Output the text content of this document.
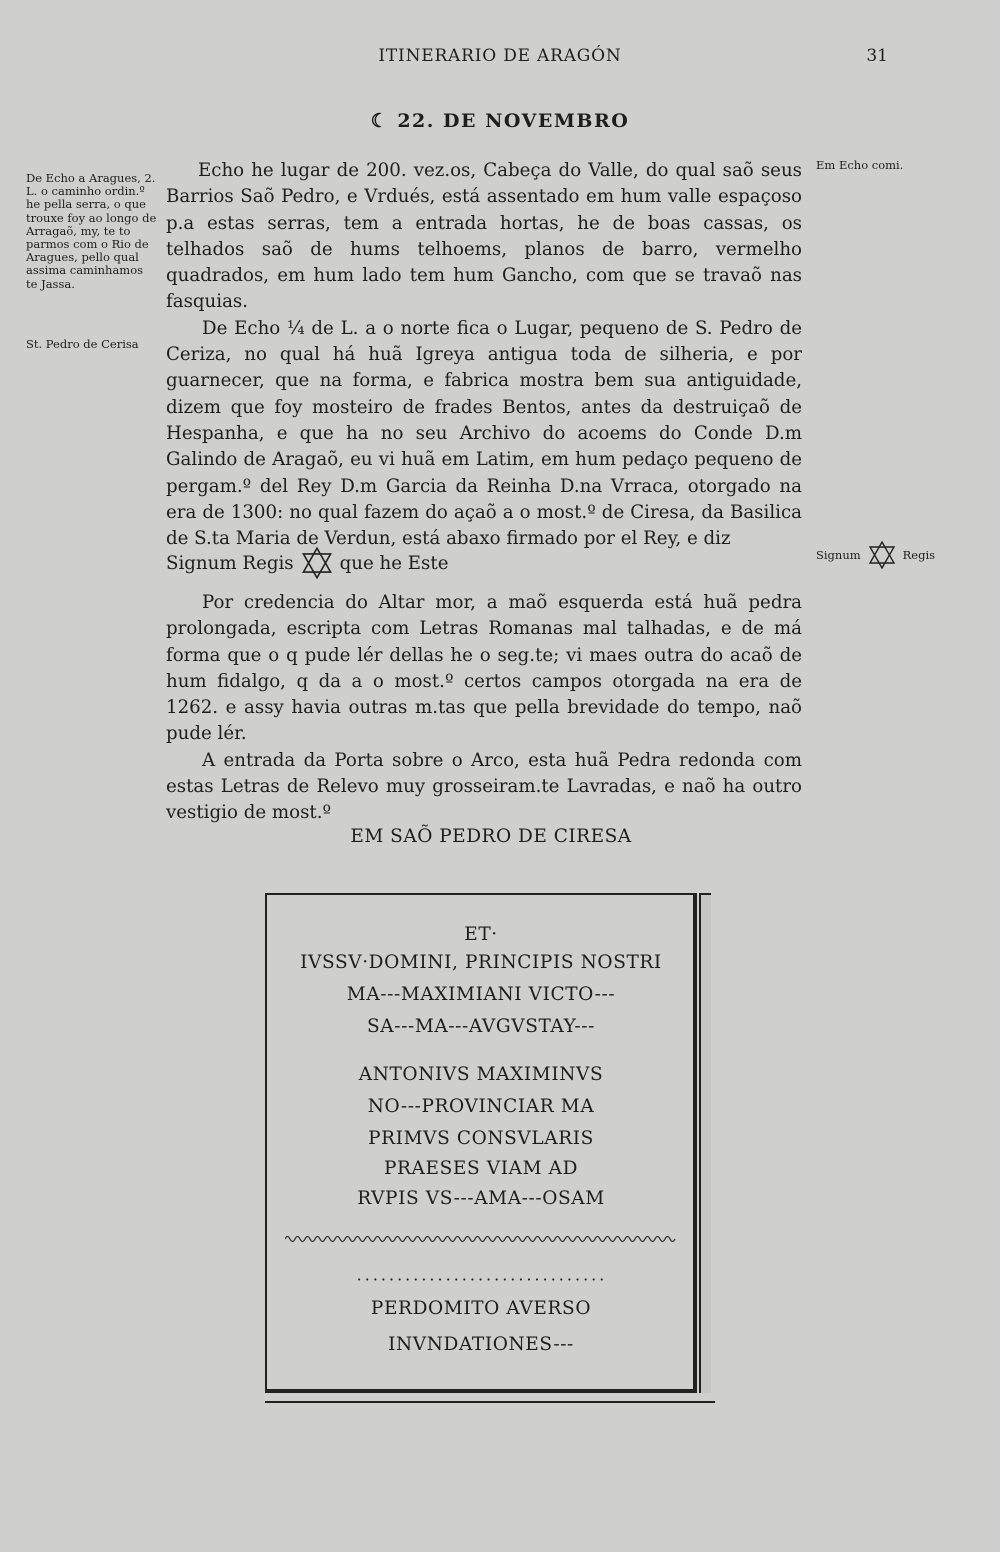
ITINERARIO DE ARAGÓN	31
☾ 22. DE NOVEMBRO
De Echo a Aragues, 2. L. o caminho ordin.º he pella serra, o que trouxe foy ao longo de Arragaõ, my, te to parmos com o Rio de Aragues, pello qual assima caminhamos te Jassa.
St. Pedro de Cerisa
Em Echo comi.
Signum	Regis

Echo he lugar de 200. vez.os, Cabeça do Valle, do qual saõ seus Barrios Saõ Pedro, e Vrdués, está assentado em hum valle espaçoso p.a estas serras, tem a entrada hortas, he de boas cassas, os telhados saõ de hums telhoems, planos de barro, vermelho quadrados, em hum lado tem hum Gancho, com que se travaõ nas fasquias.

De Echo ¼ de L. a o norte fica o Lugar, pequeno de S. Pedro de Ceriza, no qual há huã Igreya antigua toda de silheria, e por guarnecer, que na forma, e fabrica mostra bem sua antiguidade, dizem que foy mosteiro de frades Bentos, antes da destruiçaõ de Hespanha, e que ha no seu Archivo do acoems do Conde D.m Galindo de Aragaõ, eu vi huã em Latim, em hum pedaço pequeno de pergam.º del Rey D.m Garcia da Reinha D.na Vrraca, otorgado na era de 1300: no qual fazem do açaõ a o most.º de Ciresa, da Basilica de S.ta Maria de Verdun, está abaxo firmado por el Rey, e diz

Signum Regis	que he Este

Por credencia do Altar mor, a maõ esquerda está huã pedra prolongada, escripta com Letras Romanas mal talhadas, e de má forma que o q pude lér dellas he o seg.te; vi maes outra do acaõ de hum fidalgo, q da a o most.º certos campos otorgada na era de 1262. e assy havia outras m.tas que pella brevidade do tempo, naõ pude lér.

A entrada da Porta sobre o Arco, esta huã Pedra redonda com estas Letras de Relevo muy grosseiram.te Lavradas, e naõ ha outro vestigio de most.º

EM SAÕ PEDRO DE CIRESA
ET·
IVSSV·DOMINI, PRINCIPIS NOSTRI
MA---MAXIMIANI VICTO---
SA---MA---AVGVSTAY---
ANTONIVS MAXIMINVS
NO---PROVINCIAR MA
PRIMVS CONSVLARIS
PRAESES VIAM AD
RVPIS VS---AMA---OSAM
·······························
PERDOMITO AVERSO
INVNDATIONES---
